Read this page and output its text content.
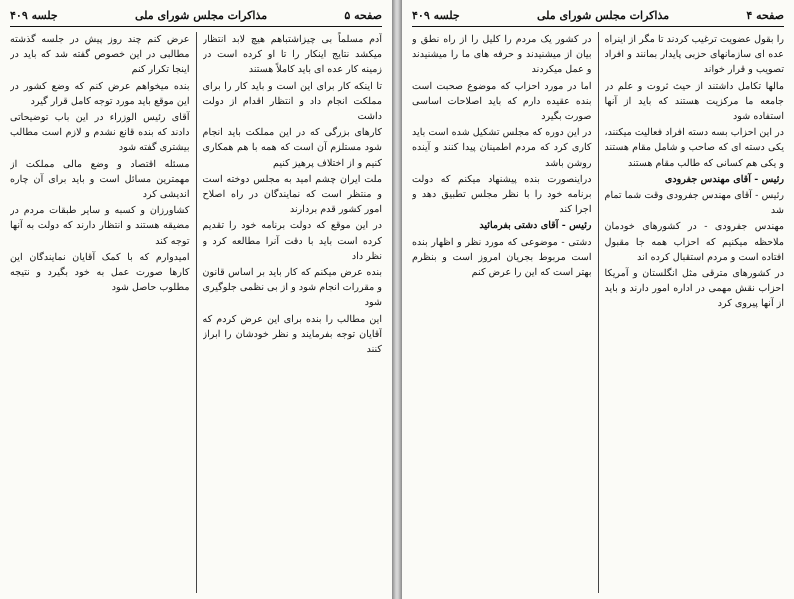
صفحه ۵
مذاکرات مجلس شورای ملی
جلسه ۴۰۹

آدم مسلماً بی چیزاشتباهم هیچ لابد انتظار میکشد نتایج اینکار را تا او کرده است در زمینه کار عده ای باید کاملاً هستند

تا اینکه کار برای این است و باید کار را برای مملکت انجام داد و انتظار اقدام از دولت داشت

کارهای بزرگی که در این مملکت باید انجام شود مستلزم آن است که همه با هم همکاری کنیم و از اختلاف پرهیز کنیم

ملت ایران چشم امید به مجلس دوخته است و منتظر است که نمایندگان در راه اصلاح امور کشور قدم بردارند

در این موقع که دولت برنامه خود را تقدیم کرده است باید با دقت آنرا مطالعه کرد و نظر داد

بنده عرض میکنم که کار باید بر اساس قانون و مقررات انجام شود و از بی نظمی جلوگیری شود

این مطالب را بنده برای این عرض کردم که آقایان توجه بفرمایند و نظر خودشان را ابراز کنند

عرض کنم چند روز پیش در جلسه گذشته مطالبی در این خصوص گفته شد که باید در اینجا تکرار کنم

بنده میخواهم عرض کنم که وضع کشور در این موقع باید مورد توجه کامل قرار گیرد

آقای رئیس الوزراء در این باب توضیحاتی دادند که بنده قانع نشدم و لازم است مطالب بیشتری گفته شود

مسئله اقتصاد و وضع مالی مملکت از مهمترین مسائل است و باید برای آن چاره اندیشی کرد

کشاورزان و کسبه و سایر طبقات مردم در مضیقه هستند و انتظار دارند که دولت به آنها توجه کند

امیدوارم که با کمک آقایان نمایندگان این کارها صورت عمل به خود بگیرد و نتیجه مطلوب حاصل شود

صفحه ۴
مذاکرات مجلس شورای ملی
جلسه ۴۰۹

را بقول عضویت ترغیب کردند تا مگر از اینراه عده ای سازمانهای حزبی پایدار بمانند و افراد تصویب و قرار خواند

مالها تکامل داشتند از حیث ثروت و علم در جامعه ما مرکزیت هستند که باید از آنها استفاده شود

در این احزاب بسه دسته افراد فعالیت میکنند، یکی دسته ای که صاحب و شامل مقام هستند و یکی هم کسانی که طالب مقام هستند

رئیس - آقای مهندس جفرودی

رئیس - آقای مهندس جفرودی وقت شما تمام شد

مهندس جفرودی - در کشورهای خودمان ملاحظه میکنیم که احزاب همه جا مقبول افتاده است و مردم استقبال کرده اند

در کشورهای مترقی مثل انگلستان و آمریکا احزاب نقش مهمی در اداره امور دارند و باید از آنها پیروی کرد

در کشور یک مردم را کلیل را از راه نطق و بیان از میشنیدند و حرفه های ما را میشنیدند و عمل میکردند

اما در مورد احزاب که موضوع صحبت است بنده عقیده دارم که باید اصلاحات اساسی صورت بگیرد

در این دوره که مجلس تشکیل شده است باید کاری کرد که مردم اطمینان پیدا کنند و آینده روشن باشد

دراینصورت بنده پیشنهاد میکنم که دولت برنامه خود را با نظر مجلس تطبیق دهد و اجرا کند

رئیس - آقای دشتی بفرمائید

دشتی - موضوعی که مورد نظر و اظهار بنده است مربوط بجریان امروز است و بنظرم بهتر است که این را عرض کنم
